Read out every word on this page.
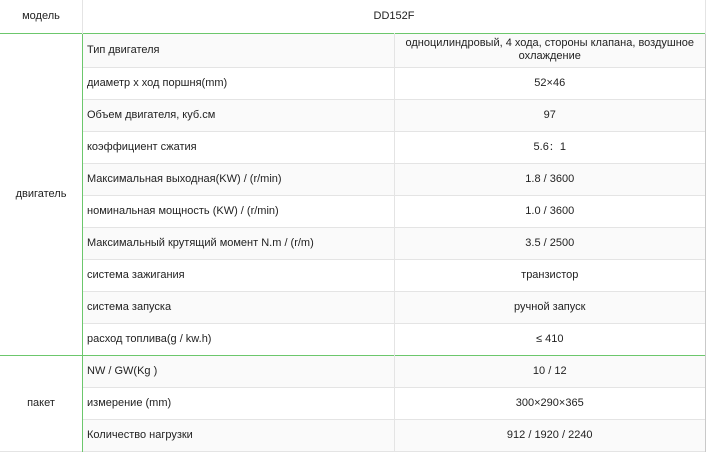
модель	DD152F	
двигатель	Тип двигателя	одноцилиндровый, 4 хода, стороны клапана, воздушное охлаждение
	диаметр x ход поршня(mm)	52×46
	Объем двигателя, куб.см	97
	коэффициент сжатия	5.6：1
	Максимальная выходная(KW) / (r/min)	1.8 / 3600
	номинальная мощность (KW) / (r/min)	1.0 / 3600
	Максимальный крутящий момент N.m / (r/m)	3.5 / 2500
	система зажигания	транзистор
	система запуска	ручной запуск
	расход топлива(g / kw.h)	≤ 410
пакет	NW / GW(Kg )	10 / 12
	измерение (mm)	300×290×365
	Количество нагрузки	912 / 1920 / 2240
